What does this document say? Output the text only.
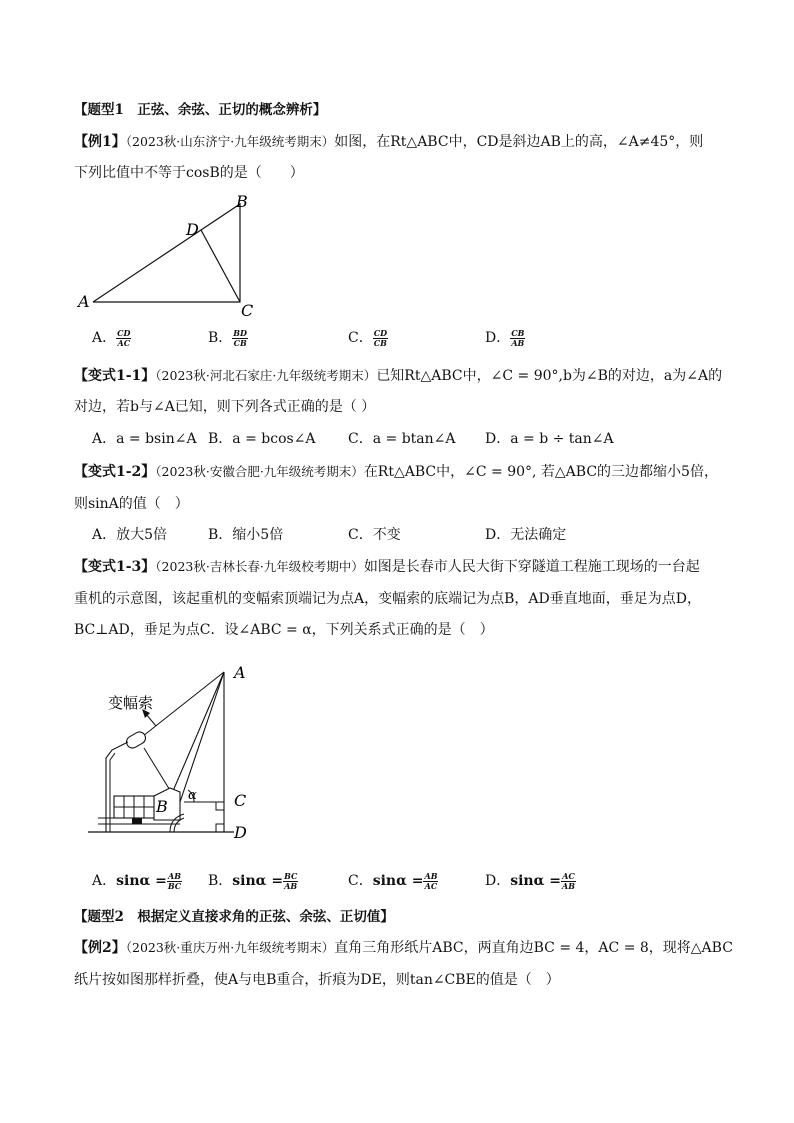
【题型1　正弦、余弦、正切的概念辨析】
【例1】（2023秋·山东济宁·九年级统考期末）如图，在Rt△ABC中，CD是斜边AB上的高，∠A≠45°，则
下列比值中不等于cosB的是（　　）
A
B
C
D
A． $\frac{CD}{AC}$	B． $\frac{BD}{CB}$	C． $\frac{CD}{CB}$	D． $\frac{CB}{AB}$
【变式1-1】（2023秋·河北石家庄·九年级统考期末）已知Rt△ABC中，∠C = 90°,b为∠B的对边，a为∠A的
对边，若b与∠A已知，则下列各式正确的是（ ）
A．a = bsin∠A B．a = bcos∠A C．a = btan∠A D．a = b ÷ tan∠A
【变式1-2】（2023秋·安徽合肥·九年级统考期末）在Rt△ABC中，∠C = 90°, 若△ABC的三边都缩小5倍，
则sinA的值（　）
A．放大5倍	B．缩小5倍	C．不变	D．无法确定
【变式1-3】（2023秋·吉林长春·九年级校考期中）如图是长春市人民大街下穿隧道工程施工现场的一台起
重机的示意图，该起重机的变幅索顶端记为点A，变幅索的底端记为点B，AD垂直地面，垂足为点D，
BC⊥AD，垂足为点C．设∠ABC = α，下列关系式正确的是（　）
变幅索
A
B	C
D
α
A．$\sin\alpha = \frac{AB}{BC}$ B．$\sin\alpha = \frac{BC}{AB}$	C．$\sin\alpha = \frac{AB}{AC}$	D．$\sin\alpha = \frac{AC}{AB}$
【题型2　根据定义直接求角的正弦、余弦、正切值】
【例2】（2023秋·重庆万州·九年级统考期末）直角三角形纸片ABC，两直角边BC = 4，AC = 8，现将△ABC
纸片按如图那样折叠，使A与电B重合，折痕为DE，则tan∠CBE的值是（　）
